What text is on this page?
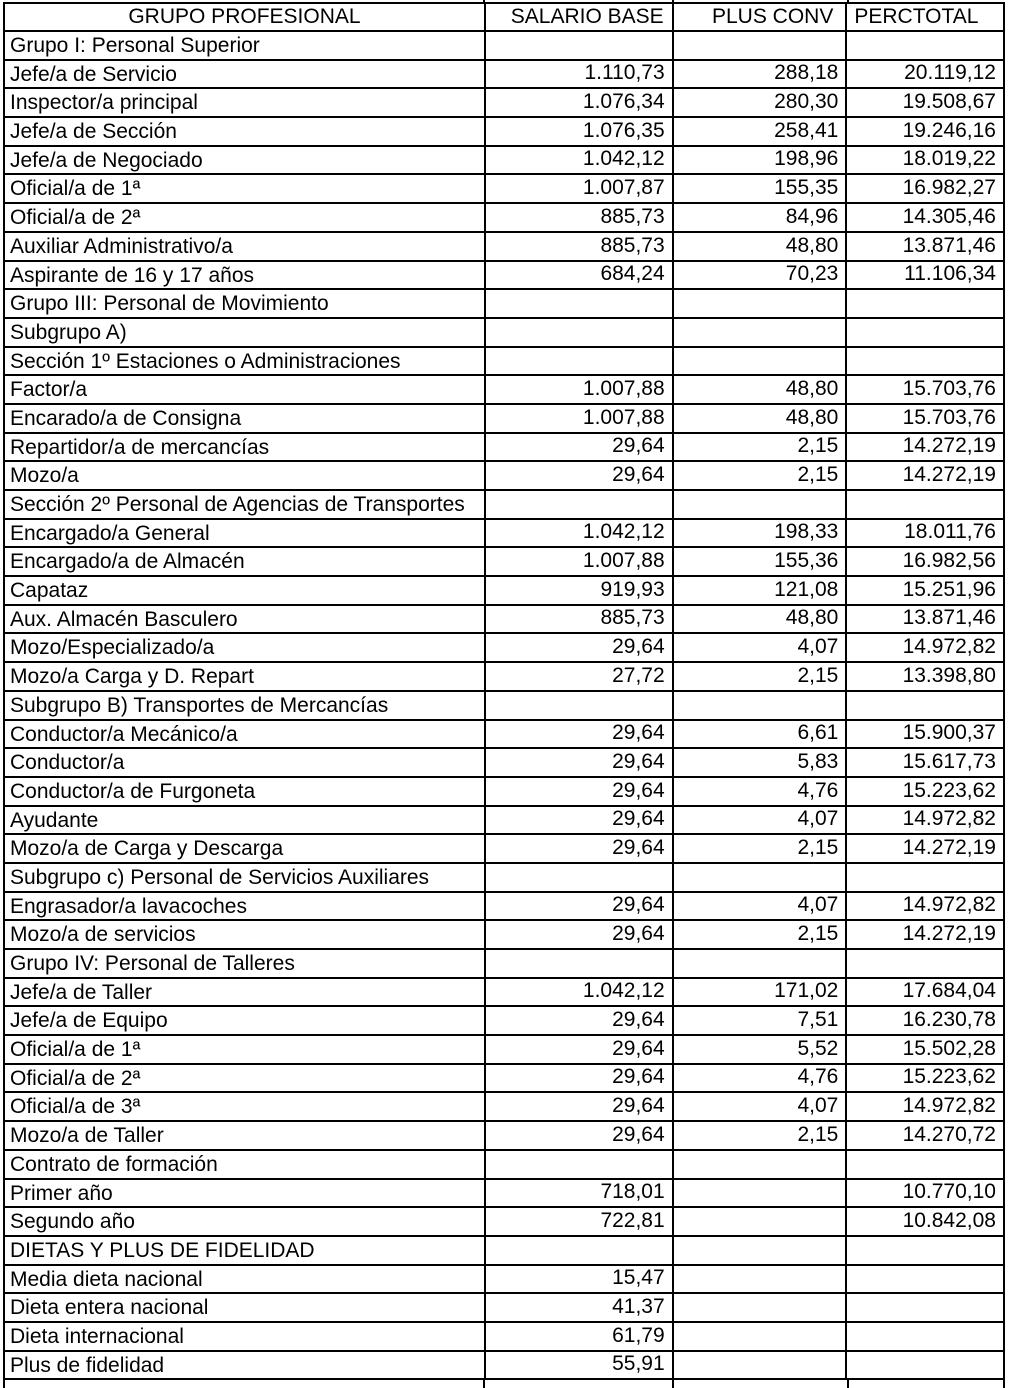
GRUPO PROFESIONAL	SALARIO BASE	PLUS CONV	PERCTOTAL
Grupo I: Personal Superior			
Jefe/a de Servicio	1.110,73	288,18	20.119,12
Inspector/a principal	1.076,34	280,30	19.508,67
Jefe/a de Sección	1.076,35	258,41	19.246,16
Jefe/a de Negociado	1.042,12	198,96	18.019,22
Oficial/a de 1ª	1.007,87	155,35	16.982,27
Oficial/a de 2ª	885,73	84,96	14.305,46
Auxiliar Administrativo/a	885,73	48,80	13.871,46
Aspirante de 16 y 17 años	684,24	70,23	11.106,34
Grupo III: Personal de Movimiento			
Subgrupo A)			
Sección 1º Estaciones o Administraciones			
Factor/a	1.007,88	48,80	15.703,76
Encarado/a de Consigna	1.007,88	48,80	15.703,76
Repartidor/a de mercancías	29,64	2,15	14.272,19
Mozo/a	29,64	2,15	14.272,19
Sección 2º Personal de Agencias de Transportes			
Encargado/a General	1.042,12	198,33	18.011,76
Encargado/a de Almacén	1.007,88	155,36	16.982,56
Capataz	919,93	121,08	15.251,96
Aux. Almacén Basculero	885,73	48,80	13.871,46
Mozo/Especializado/a	29,64	4,07	14.972,82
Mozo/a Carga y D. Repart	27,72	2,15	13.398,80
Subgrupo B) Transportes de Mercancías			
Conductor/a Mecánico/a	29,64	6,61	15.900,37
Conductor/a	29,64	5,83	15.617,73
Conductor/a de Furgoneta	29,64	4,76	15.223,62
Ayudante	29,64	4,07	14.972,82
Mozo/a de Carga y Descarga	29,64	2,15	14.272,19
Subgrupo c) Personal de Servicios Auxiliares			
Engrasador/a lavacoches	29,64	4,07	14.972,82
Mozo/a de servicios	29,64	2,15	14.272,19
Grupo IV: Personal de Talleres			
Jefe/a de Taller	1.042,12	171,02	17.684,04
Jefe/a de Equipo	29,64	7,51	16.230,78
Oficial/a de 1ª	29,64	5,52	15.502,28
Oficial/a de 2ª	29,64	4,76	15.223,62
Oficial/a de 3ª	29,64	4,07	14.972,82
Mozo/a de Taller	29,64	2,15	14.270,72
Contrato de formación			
Primer año	718,01		10.770,10
Segundo año	722,81		10.842,08
DIETAS Y PLUS DE FIDELIDAD			
Media dieta nacional	15,47		
Dieta entera nacional	41,37		
Dieta internacional	61,79		
Plus de fidelidad	55,91		
